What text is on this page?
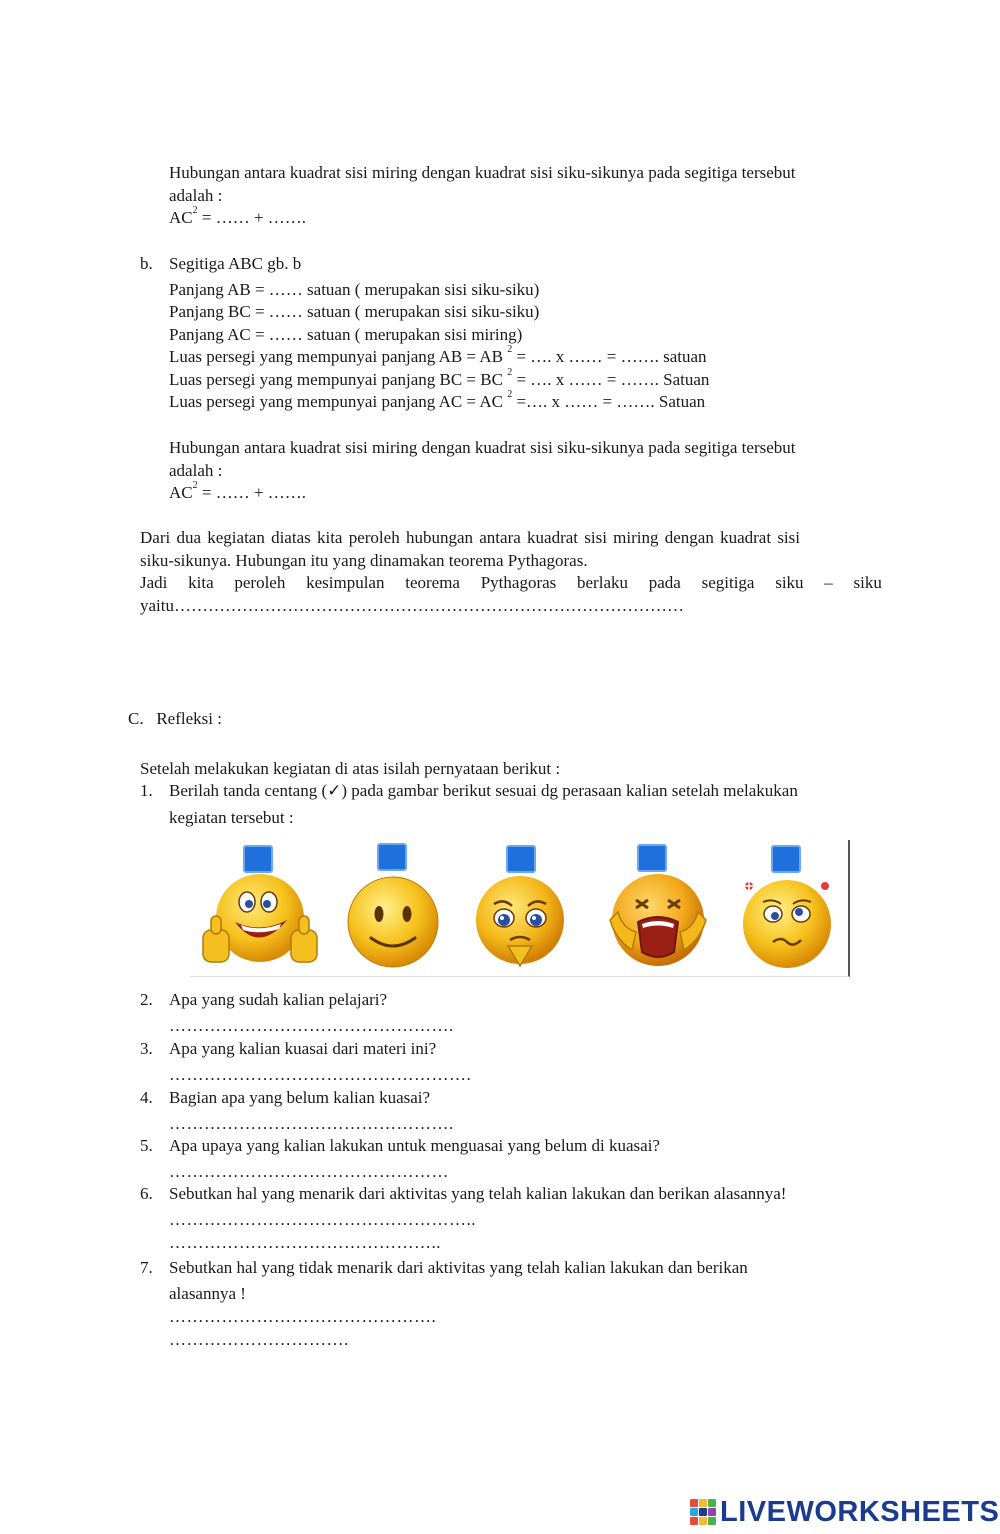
Hubungan antara kuadrat sisi miring dengan kuadrat sisi siku-sikunya pada segitiga tersebut
adalah :
$AC^2$ = …… + …….
b. Segitiga ABC gb. b
Panjang AB = …… satuan ( merupakan sisi siku-siku)
Panjang BC = …… satuan ( merupakan sisi siku-siku)
Panjang AC = …… satuan ( merupakan sisi miring)
Luas persegi yang mempunyai panjang AB = AB $^2$ = …. x …… = ……. satuan
Luas persegi yang mempunyai panjang BC = BC $^2$ = …. x …… = ……. Satuan
Luas persegi yang mempunyai panjang AC = AC $^2$ =…. x …… = ……. Satuan
Hubungan antara kuadrat sisi miring dengan kuadrat sisi siku-sikunya pada segitiga tersebut
adalah :
$AC^2$ = …… + …….
Dari dua kegiatan diatas kita peroleh hubungan antara kuadrat sisi miring dengan kuadrat sisi
siku-sikunya. Hubungan itu yang dinamakan teorema Pythagoras.
Jadi kita peroleh kesimpulan teorema Pythagoras berlaku pada segitiga siku – siku
yaitu………………………………………………………………………………
C.   Refleksi :
Setelah melakukan kegiatan di atas isilah pernyataan berikut :
1. Berilah tanda centang (✓) pada gambar berikut sesuai dg perasaan kalian setelah melakukan
kegiatan tersebut :
2. Apa yang sudah kalian pelajari?
………………………………………….
3. Apa yang kalian kuasai dari materi ini?
…………………………………………….
4. Bagian apa yang belum kalian kuasai?
………………………………………….
5. Apa upaya yang kalian lakukan untuk menguasai yang belum di kuasai?
…………………………………………
6. Sebutkan hal yang menarik dari aktivitas yang telah kalian lakukan dan berikan alasannya!
……………………………………………..
………………………………………..
7. Sebutkan hal yang tidak menarik dari aktivitas yang telah kalian lakukan dan berikan
alasannya !
……………………………………….
………………………….
LIVEWORKSHEETS
